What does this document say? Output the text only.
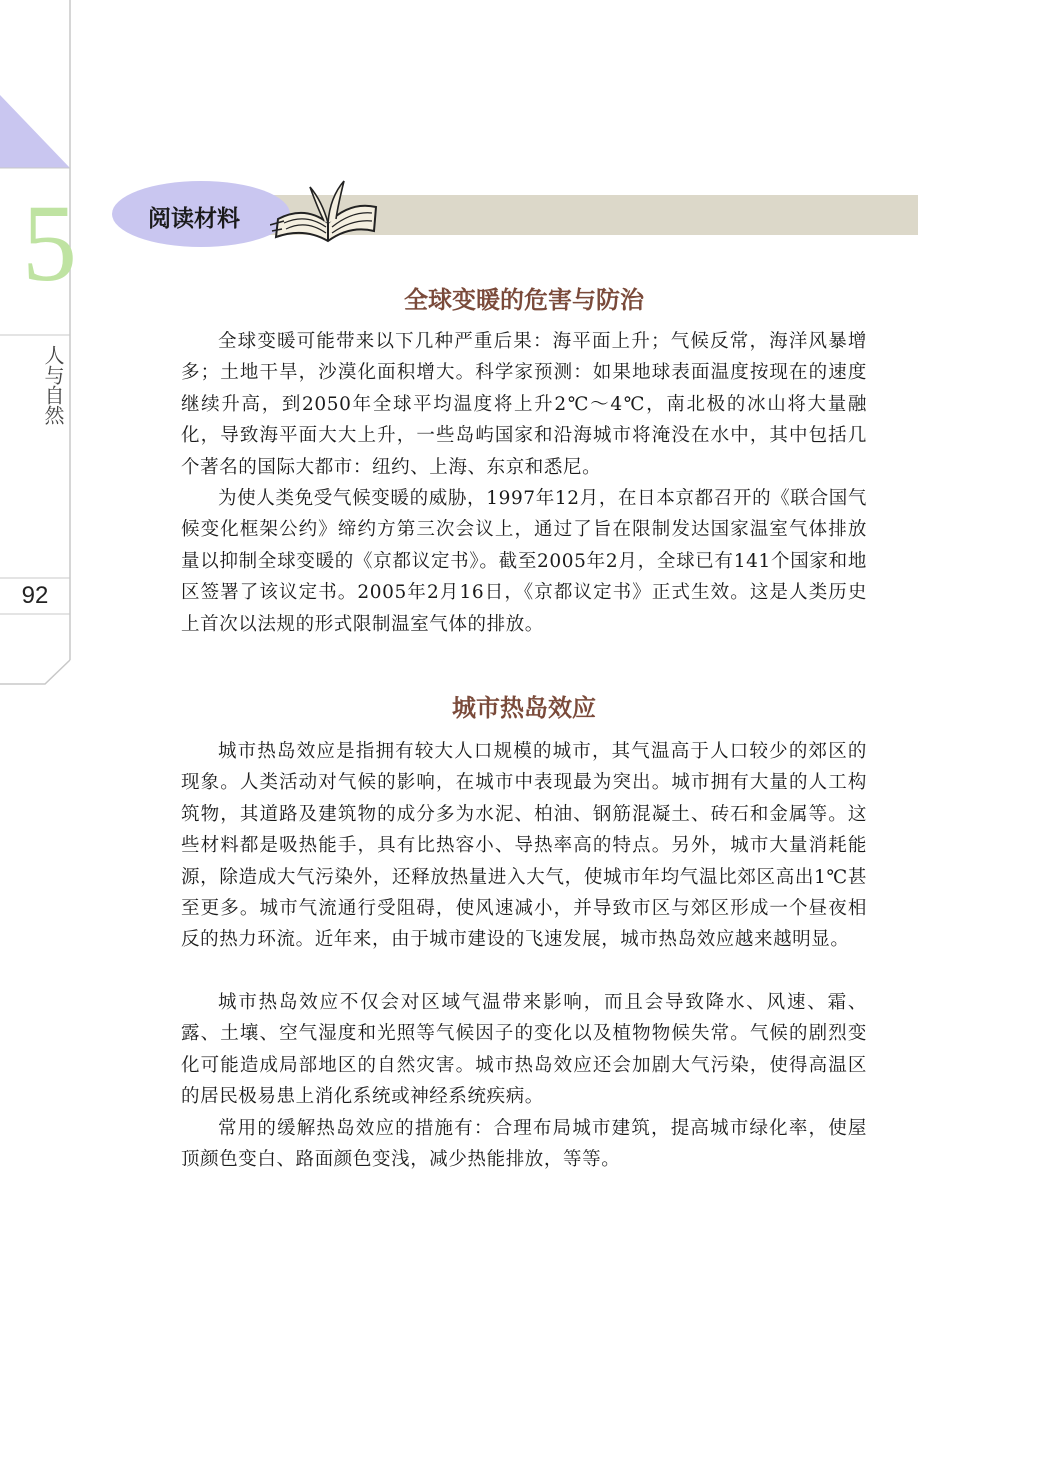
5
人与自然
92
阅读材料
全球变暖的危害与防治

全球变暖可能带来以下几种严重后果：海平面上升；气候反常，海洋风暴增多；土地干旱，沙漠化面积增大。科学家预测：如果地球表面温度按现在的速度继续升高，到2050年全球平均温度将上升2℃～4℃，南北极的冰山将大量融化，导致海平面大大上升，一些岛屿国家和沿海城市将淹没在水中，其中包括几个著名的国际大都市：纽约、上海、东京和悉尼。

为使人类免受气候变暖的威胁，1997年12月，在日本京都召开的《联合国气候变化框架公约》缔约方第三次会议上，通过了旨在限制发达国家温室气体排放量以抑制全球变暖的《京都议定书》。截至2005年2月，全球已有141个国家和地区签署了该议定书。2005年2月16日，《京都议定书》正式生效。这是人类历史上首次以法规的形式限制温室气体的排放。

城市热岛效应

城市热岛效应是指拥有较大人口规模的城市，其气温高于人口较少的郊区的现象。人类活动对气候的影响，在城市中表现最为突出。城市拥有大量的人工构筑物，其道路及建筑物的成分多为水泥、柏油、钢筋混凝土、砖石和金属等。这些材料都是吸热能手，具有比热容小、导热率高的特点。另外，城市大量消耗能源，除造成大气污染外，还释放热量进入大气，使城市年均气温比郊区高出1℃甚至更多。城市气流通行受阻碍，使风速减小，并导致市区与郊区形成一个昼夜相反的热力环流。近年来，由于城市建设的飞速发展，城市热岛效应越来越明显。

城市热岛效应不仅会对区域气温带来影响，而且会导致降水、风速、霜、露、土壤、空气湿度和光照等气候因子的变化以及植物物候失常。气候的剧烈变化可能造成局部地区的自然灾害。城市热岛效应还会加剧大气污染，使得高温区的居民极易患上消化系统或神经系统疾病。

常用的缓解热岛效应的措施有：合理布局城市建筑，提高城市绿化率，使屋顶颜色变白、路面颜色变浅，减少热能排放，等等。
